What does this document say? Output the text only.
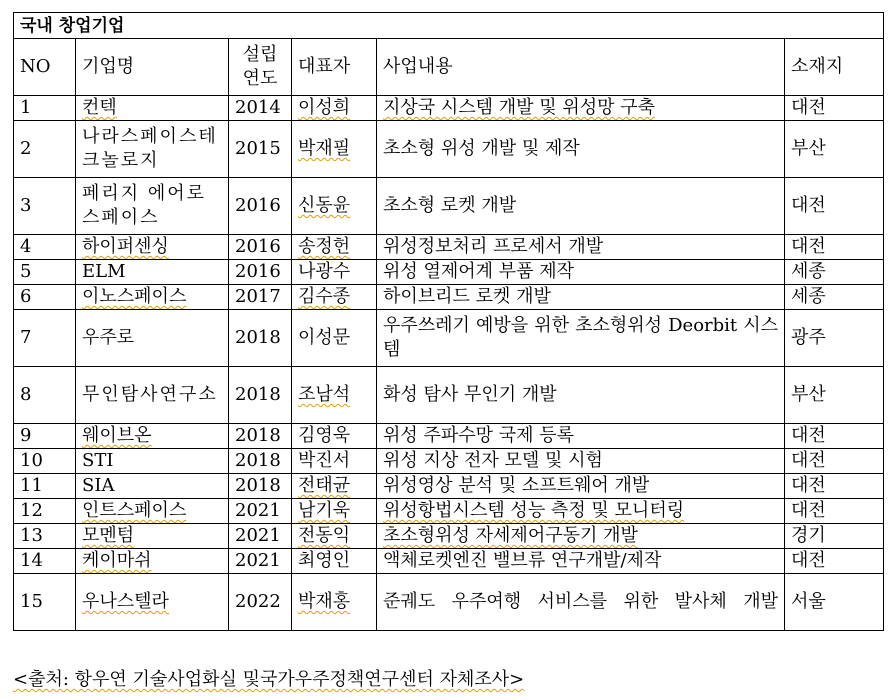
국내 창업기업					
NO	기업명	설립 연도	대표자	사업내용	소재지
1	컨텍	2014	이성희	지상국 시스템 개발 및 위성망 구축	대전
2	나라스페이스테크놀로지	2015	박재필	초소형 위성 개발 및 제작	부산
3	페리지 에어로스페이스	2016	신동윤	초소형 로켓 개발	대전
4	하이퍼센싱	2016	송정헌	위성정보처리 프로세서 개발	대전
5	ELM	2016	나광수	위성 열제어계 부품 제작	세종
6	이노스페이스	2017	김수종	하이브리드 로켓 개발	세종
7	우주로	2018	이성문	우주쓰레기 예방을 위한 초소형위성 Deorbit 시스템	광주
8	무인탐사연구소	2018	조남석	화성 탐사 무인기 개발	부산
9	웨이브온	2018	김영욱	위성 주파수망 국제 등록	대전
10	STI	2018	박진서	위성 지상 전자 모델 및 시험	대전
11	SIA	2018	전태균	위성영상 분석 및 소프트웨어 개발	대전
12	인트스페이스	2021	남기욱	위성항법시스템 성능 측정 및 모니터링	대전
13	모멘텀	2021	전동익	초소형위성 자세제어구동기 개발	경기
14	케이마쉬	2021	최영인	액체로켓엔진 밸브류 연구개발/제작	대전
15	우나스텔라	2022	박재홍	준궤도 우주여행 서비스를 위한 발사체 개발	서울
<출처: 항우연 기술사업화실 및국가우주정책연구센터 자체조사>
